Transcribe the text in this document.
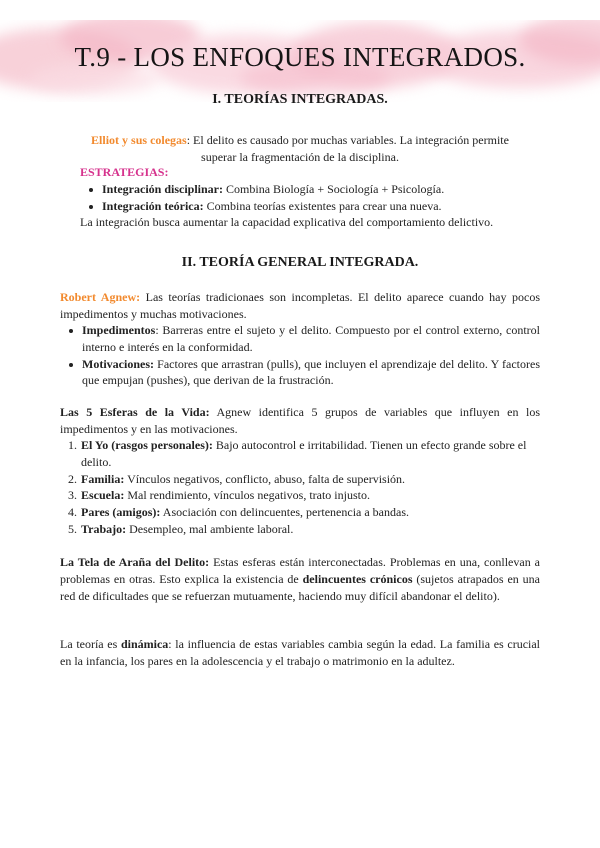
T.9 - LOS ENFOQUES INTEGRADOS.
I. TEORÍAS INTEGRADAS.
Elliot y sus colegas: El delito es causado por muchas variables. La integración permite
superar la fragmentación de la disciplina.
ESTRATEGIAS:
Integración disciplinar: Combina Biología + Sociología + Psicología.
Integración teórica: Combina teorías existentes para crear una nueva.
La integración busca aumentar la capacidad explicativa del comportamiento delictivo.
II. TEORÍA GENERAL INTEGRADA.
Robert Agnew: Las teorías tradicionaes son incompletas. El delito aparece cuando hay pocos impedimentos y muchas motivaciones.
Impedimentos: Barreras entre el sujeto y el delito. Compuesto por el control externo, control interno e interés en la conformidad.
Motivaciones: Factores que arrastran (pulls), que incluyen el aprendizaje del delito. Y factores que empujan (pushes), que derivan de la frustración.
Las 5 Esferas de la Vida: Agnew identifica 5 grupos de variables que influyen en los impedimentos y en las motivaciones.
1. El Yo (rasgos personales): Bajo autocontrol e irritabilidad. Tienen un efecto grande sobre el delito.
2. Familia: Vínculos negativos, conflicto, abuso, falta de supervisión.
3. Escuela: Mal rendimiento, vínculos negativos, trato injusto.
4. Pares (amigos): Asociación con delincuentes, pertenencia a bandas.
5. Trabajo: Desempleo, mal ambiente laboral.
La Tela de Araña del Delito: Estas esferas están interconectadas. Problemas en una, conllevan a problemas en otras. Esto explica la existencia de delincuentes crónicos (sujetos atrapados en una red de dificultades que se refuerzan mutuamente, haciendo muy difícil abandonar el delito).
La teoría es dinámica: la influencia de estas variables cambia según la edad. La familia es crucial en la infancia, los pares en la adolescencia y el trabajo o matrimonio en la adultez.
